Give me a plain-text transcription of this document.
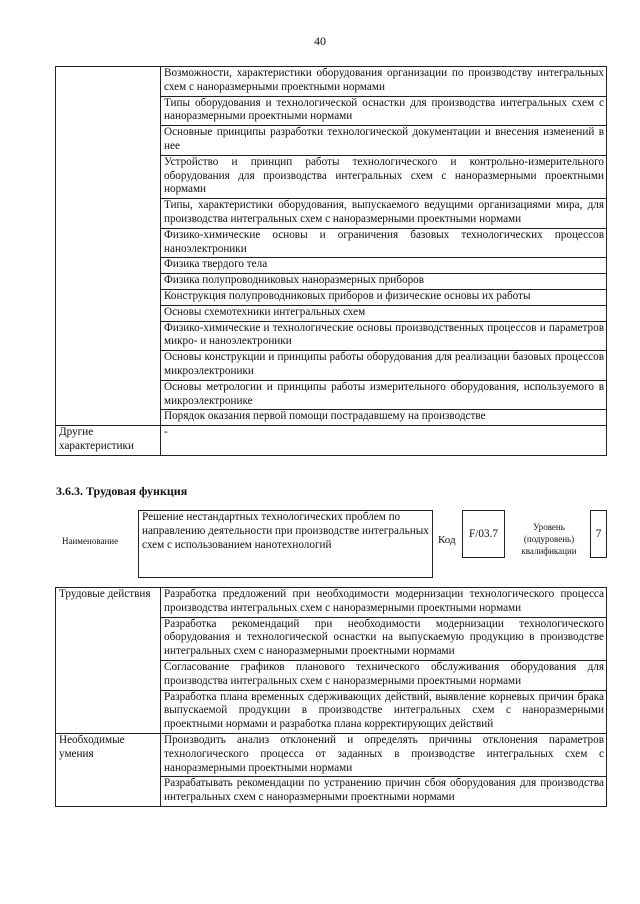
40
	Возможности, характеристики оборудования организации по производству интегральных схем с наноразмерными проектными нормами
	Типы оборудования и технологической оснастки для производства интегральных схем с наноразмерными проектными нормами
	Основные принципы разработки технологической документации и внесения изменений в нее
	Устройство и принцип работы технологического и контрольно-измерительного оборудования для производства интегральных схем с наноразмерными проектными нормами
	Типы, характеристики оборудования, выпускаемого ведущими организациями мира, для производства интегральных схем с наноразмерными проектными нормами
	Физико-химические основы и ограничения базовых технологических процессов наноэлектроники
	Физика твердого тела
	Физика полупроводниковых наноразмерных приборов
	Конструкция полупроводниковых приборов и физические основы их работы
	Основы схемотехники интегральных схем
	Физико-химические и технологические основы производственных процессов и параметров микро- и наноэлектроники
	Основы конструкции и принципы работы оборудования для реализации базовых процессов микроэлектроники
	Основы метрологии и принципы работы измерительного оборудования, используемого в микроэлектронике
	Порядок оказания первой помощи пострадавшему на производстве
Другие характеристики	-
3.6.3. Трудовая функция
Наименование
Решение нестандартных технологических проблем по направлению деятельности при производстве интегральных схем с использованием нанотехнологий	Код	F/03.7
Уровень (подуровень) квалификации
7
Трудовые действия	Разработка предложений при необходимости модернизации технологического процесса производства интегральных схем с наноразмерными проектными нормами
	Разработка рекомендаций при необходимости модернизации технологического оборудования и технологической оснастки на выпускаемую продукцию в производстве интегральных схем с наноразмерными проектными нормами
	Согласование графиков планового технического обслуживания оборудования для производства интегральных схем с наноразмерными проектными нормами
	Разработка плана временных сдерживающих действий, выявление корневых причин брака выпускаемой продукции в производстве интегральных схем с наноразмерными проектными нормами и разработка плана корректирующих действий
Необходимые умения	Производить анализ отклонений и определять причины отклонения параметров технологического процесса от заданных в производстве интегральных схем с наноразмерными проектными нормами
	Разрабатывать рекомендации по устранению причин сбоя оборудования для производства интегральных схем с наноразмерными проектными нормами
